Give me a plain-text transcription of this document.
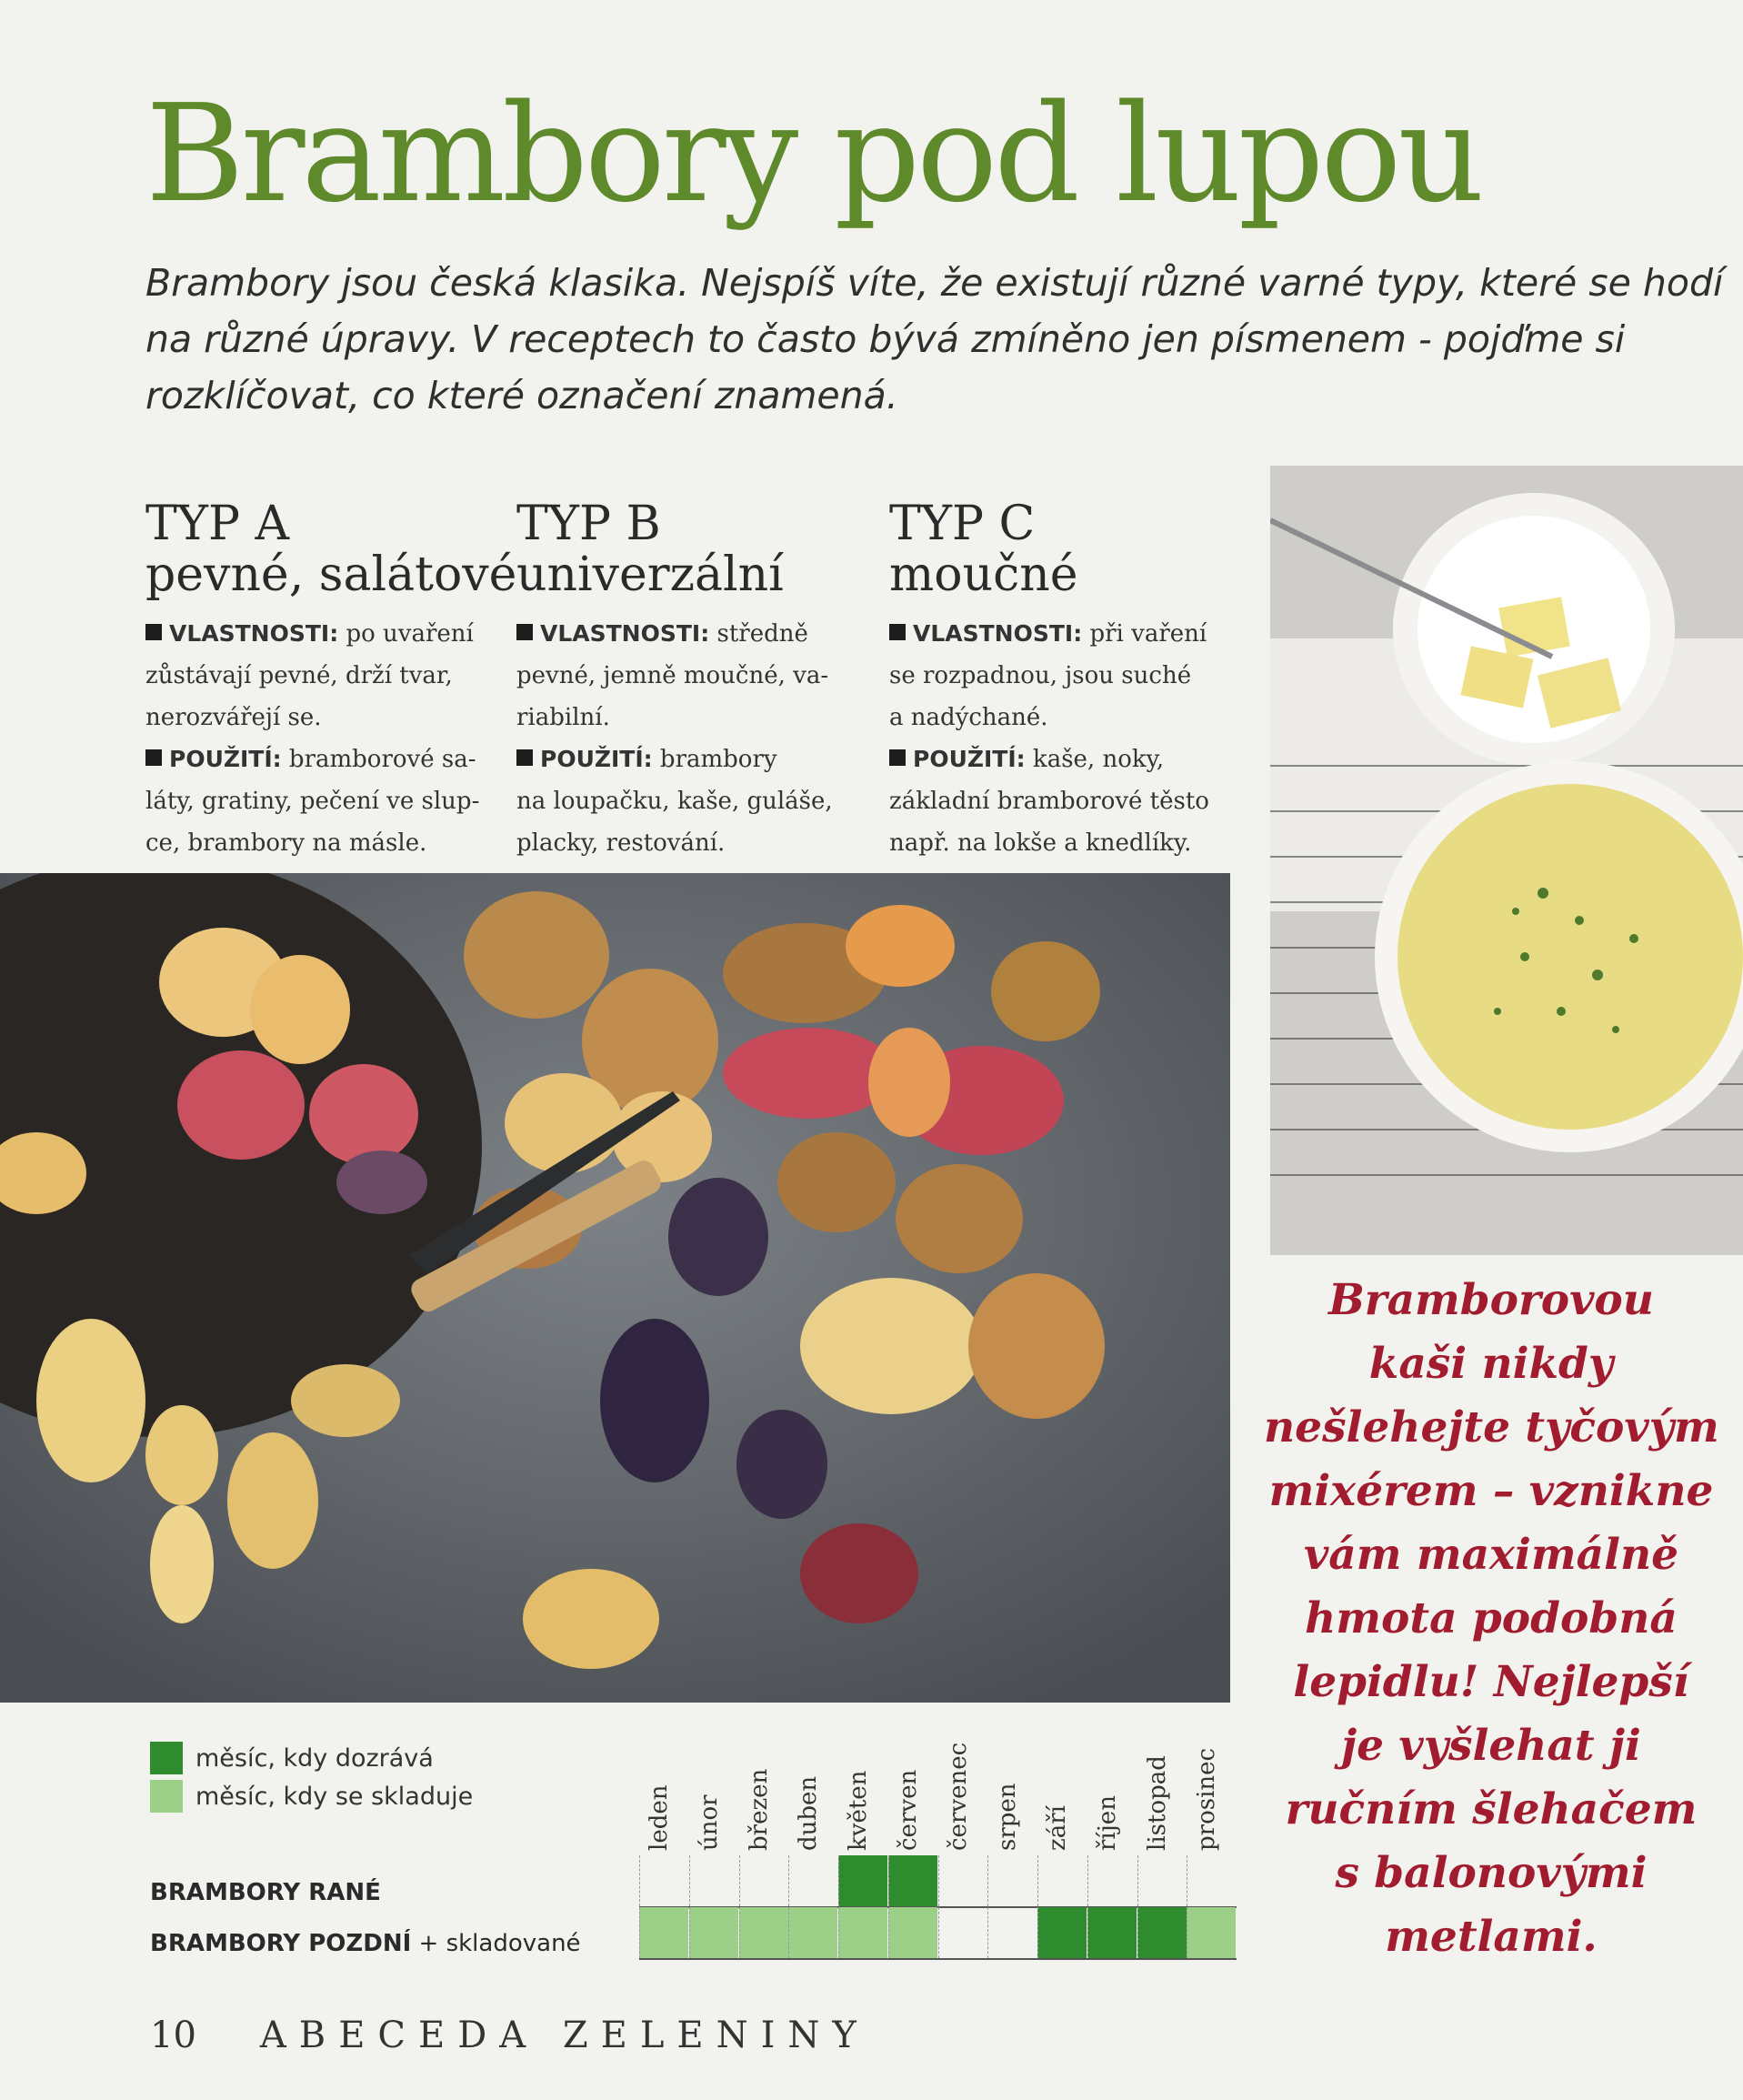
Brambory pod lupou
Brambory jsou česká klasika. Nejspíš víte, že existují různé varné typy, které se hodí
na různé úpravy. V receptech to často bývá zmíněno jen písmenem - pojďme si
rozklíčovat, co které označení znamená.
TYP A
pevné, salátové
VLASTNOSTI: po uvaření
zůstávají pevné, drží tvar,
nerozvářejí se.
POUŽITÍ: bramborové sa-
láty, gratiny, pečení ve slup-
ce, brambory na másle.
TYP B
univerzální
VLASTNOSTI: středně
pevné, jemně moučné, va-
riabilní.
POUŽITÍ: brambory
na loupačku, kaše, guláše,
placky, restování.
TYP C
moučné
VLASTNOSTI: při vaření
se rozpadnou, jsou suché
a nadýchané.
POUŽITÍ: kaše, noky,
základní bramborové těsto
např. na lokše a knedlíky.
Bramborovou
kaši nikdy
nešlehejte tyčovým
mixérem – vznikne
vám maximálně
hmota podobná
lepidlu! Nejlepší
je vyšlehat ji
ručním šlehačem
s balonovými
metlami.
měsíc, kdy dozrává
měsíc, kdy se skladuje	leden únor březen duben květen červen červenec srpen září říjen listopad prosinec
BRAMBORY RANÉ
BRAMBORY POZDNÍ + skladované
10 ABECEDA ZELENINY
